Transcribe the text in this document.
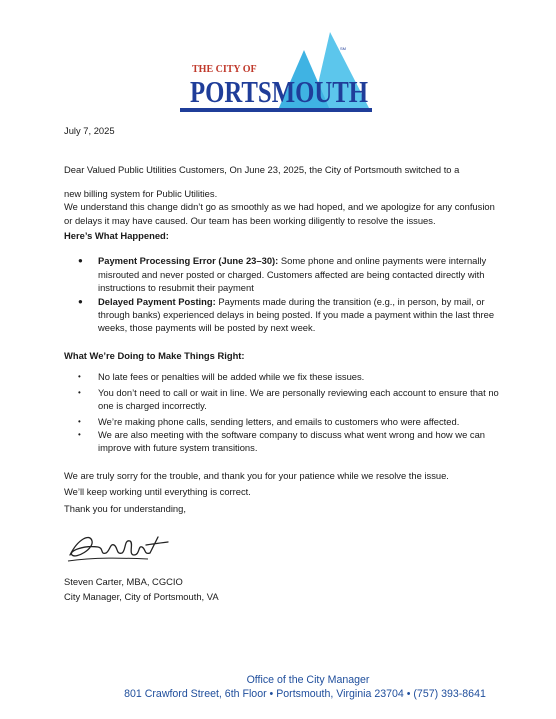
SM
THE CITY OF
PORTSMOUTH

July 7, 2025

Dear Valued Public Utilities Customers, On June 23, 2025, the City of Portsmouth switched to a

new billing system for Public Utilities.

We understand this change didn’t go as smoothly as we had hoped, and we apologize for any confusion or delays it may have caused. Our team has been working diligently to resolve the issues.

Here’s What Happened:

● Payment Processing Error (June 23–30): Some phone and online payments were internally misrouted and never posted or charged. Customers affected are being contacted directly with instructions to resubmit their payment
● Delayed Payment Posting: Payments made during the transition (e.g., in person, by mail, or through banks) experienced delays in being posted. If you made a payment within the last three weeks, those payments will be posted by next week.

What We’re Doing to Make Things Right:

• No late fees or penalties will be added while we fix these issues.
• You don’t need to call or wait in line. We are personally reviewing each account to ensure that no one is charged incorrectly.
• We’re making phone calls, sending letters, and emails to customers who were affected.
• We are also meeting with the software company to discuss what went wrong and how we can improve with future system transitions.

We are truly sorry for the trouble, and thank you for your patience while we resolve the issue.

We’ll keep working until everything is correct.

Thank you for understanding,

Steven Carter, MBA, CGCIO

City Manager, City of Portsmouth, VA

Office of the City Manager
801 Crawford Street, 6th Floor • Portsmouth, Virginia 23704 • (757) 393-8641
